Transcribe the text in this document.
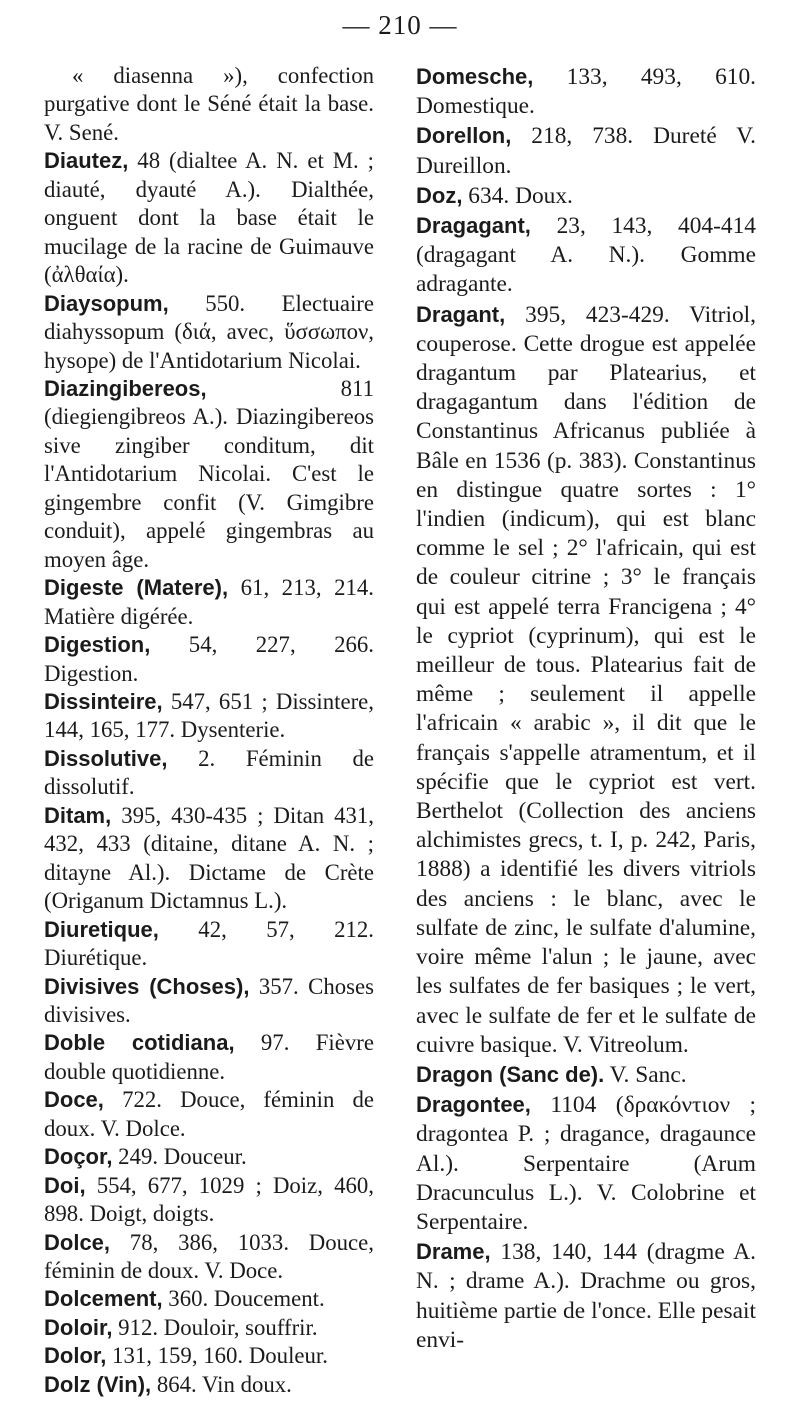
— 210 —

« diasenna »), confection purgative dont le Séné était la base. V. Sené.

Diautez, 48 (dialtee A. N. et M. ; diauté, dyauté A.). Dialthée, onguent dont la base était le mucilage de la racine de Guimauve (ἀλθαία).

Diaysopum, 550. Electuaire diahyssopum (διά, avec, ὕσσωπον, hysope) de l'Antidotarium Nicolai.

Diazingibereos, 811 (diegiengibreos A.). Diazingibereos sive zingiber conditum, dit l'Antidotarium Nicolai. C'est le gingembre confit (V. Gimgibre conduit), appelé gingembras au moyen âge.

Digeste (Matere), 61, 213, 214. Matière digérée.

Digestion, 54, 227, 266. Digestion.

Dissinteire, 547, 651 ; Dissintere, 144, 165, 177. Dysenterie.

Dissolutive, 2. Féminin de dissolutif.

Ditam, 395, 430-435 ; Ditan 431, 432, 433 (ditaine, ditane A. N. ; ditayne Al.). Dictame de Crète (Origanum Dictamnus L.).

Diuretique, 42, 57, 212. Diurétique.

Divisives (Choses), 357. Choses divisives.

Doble cotidiana, 97. Fièvre double quotidienne.

Doce, 722. Douce, féminin de doux. V. Dolce.

Doçor, 249. Douceur.

Doi, 554, 677, 1029 ; Doiz, 460, 898. Doigt, doigts.

Dolce, 78, 386, 1033. Douce, féminin de doux. V. Doce.

Dolcement, 360. Doucement.

Doloir, 912. Douloir, souffrir.

Dolor, 131, 159, 160. Douleur.

Dolz (Vin), 864. Vin doux.

Domesche, 133, 493, 610. Domestique.

Dorellon, 218, 738. Dureté V. Dureillon.

Doz, 634. Doux.

Dragagant, 23, 143, 404-414 (dragagant A. N.). Gomme adragante.

Dragant, 395, 423-429. Vitriol, couperose. Cette drogue est appelée dragantum par Platearius, et dragagantum dans l'édition de Constantinus Africanus publiée à Bâle en 1536 (p. 383). Constantinus en distingue quatre sortes : 1° l'indien (indicum), qui est blanc comme le sel ; 2° l'africain, qui est de couleur citrine ; 3° le français qui est appelé terra Francigena ; 4° le cypriot (cyprinum), qui est le meilleur de tous. Platearius fait de même ; seulement il appelle l'africain « arabic », il dit que le français s'appelle atramentum, et il spécifie que le cypriot est vert. Berthelot (Collection des anciens alchimistes grecs, t. I, p. 242, Paris, 1888) a identifié les divers vitriols des anciens : le blanc, avec le sulfate de zinc, le sulfate d'alumine, voire même l'alun ; le jaune, avec les sulfates de fer basiques ; le vert, avec le sulfate de fer et le sulfate de cuivre basique. V. Vitreolum.

Dragon (Sanc de). V. Sanc.

Dragontee, 1104 (δρακόντιον ; dragontea P. ; dragance, dragaunce Al.). Serpentaire (Arum Dracunculus L.). V. Colobrine et Serpentaire.

Drame, 138, 140, 144 (dragme A. N. ; drame A.). Drachme ou gros, huitième partie de l'once. Elle pesait envi-
